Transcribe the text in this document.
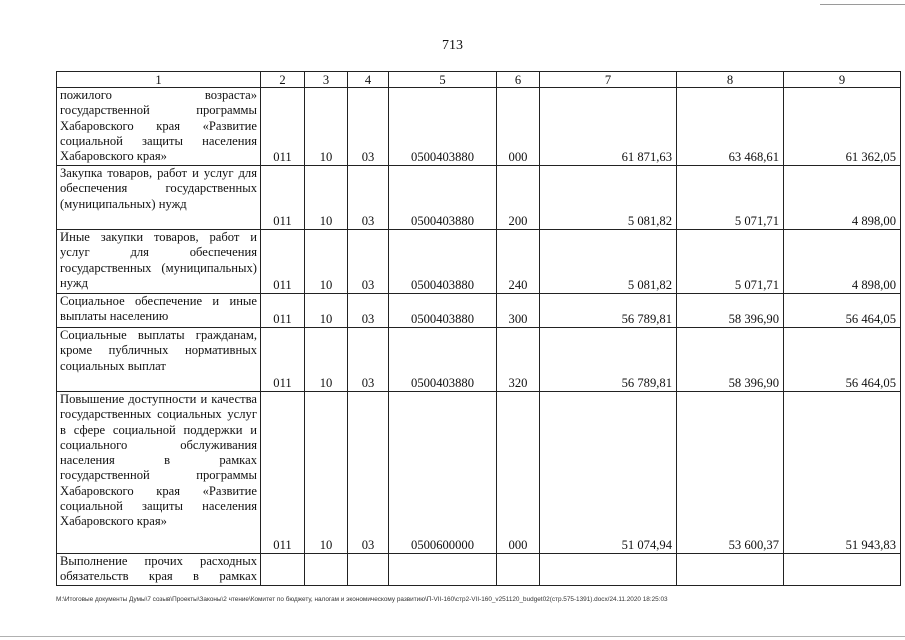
713
1	2	3	4	5	6	7	8	9
пожилого возраста» государственной программы Хабаровского края «Развитие социальной защиты населения Хабаровского края»	011	10	03	0500403880	000	61 871,63	63 468,61	61 362,05
Закупка товаров, работ и услуг для обеспечения государственных (муниципальных) нужд	011	10	03	0500403880	200	5 081,82	5 071,71	4 898,00
Иные закупки товаров, работ и услуг для обеспечения государственных (муниципальных) нужд	011	10	03	0500403880	240	5 081,82	5 071,71	4 898,00
Социальное обеспечение и иные выплаты населению	011	10	03	0500403880	300	56 789,81	58 396,90	56 464,05
Социальные выплаты гражданам, кроме публичных нормативных социальных выплат	011	10	03	0500403880	320	56 789,81	58 396,90	56 464,05
Повышение доступности и качества государственных социальных услуг в сфере социальной поддержки и социального обслуживания населения в рамках государственной программы Хабаровского края «Развитие социальной защиты населения Хабаровского края»	011	10	03	0500600000	000	51 074,94	53 600,37	51 943,83
Выполнение прочих расходных обязательств края в рамках								
M:\Итоговые документы Думы\7 созыв\Проекты\Законы\2 чтение\Комитет по бюджету, налогам и экономическому развитию\П-VII-160\стр2-VII-160_v251120_budget02(стр.575-1391).docx/24.11.2020 18:25:03
